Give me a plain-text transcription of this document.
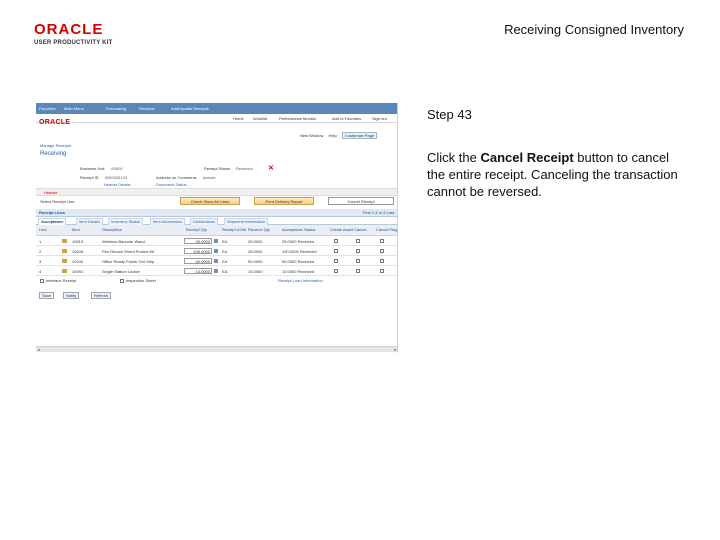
ORACLE
USER PRODUCTIVITY KIT
Receiving Consigned Inventory
Step 43
Click the Cancel Receipt button to cancel the entire receipt. Canceling the transaction cannot be reversed.
Favorites Main Menu	Purchasing	Receipts	Add/Update Receipts
Home Worklist	Performance Monitor	Add to Favorites	Sign out
ORACLE
New Window Help Customize Page
Manage Receipts
Receiving
Business Unit US001	Receipt Status Received ✕
Receipt ID 0000000123	Address on Comments Include
Header Details	Document Status
Header
Select Receipt Line	Check Show All Lines	Print Delivery Report	Cancel Receipt
Receipt Lines	First 1-4 of 4 Last
Acceptance	Item Details	Inventory Status	Item Information	Distributions	Shipment Information
Line	Item	Description	Receipt Qty	Receipt UOM Receive Qty	Acceptance Status	Create Asset Cancel Cancel Flag
1	10019	Wireless Barcode Wand	25.0000	EA	25.0000	25.0000 Received
2	10044	Pen Rexam Shred Protect Kit	100.0000	EA	25.0000	100.0000 Received
3	10040	Office Ready Power Ctrl Strip	50.0000	EA	50.0000	50.0000 Received
4	10091	Single Station Locker	10.0000	EA	10.0000	10.0000 Received
Interface Receipt	Inspection Sheet	Receipt Load Information
Save	Notify	Refresh
◂	▸
